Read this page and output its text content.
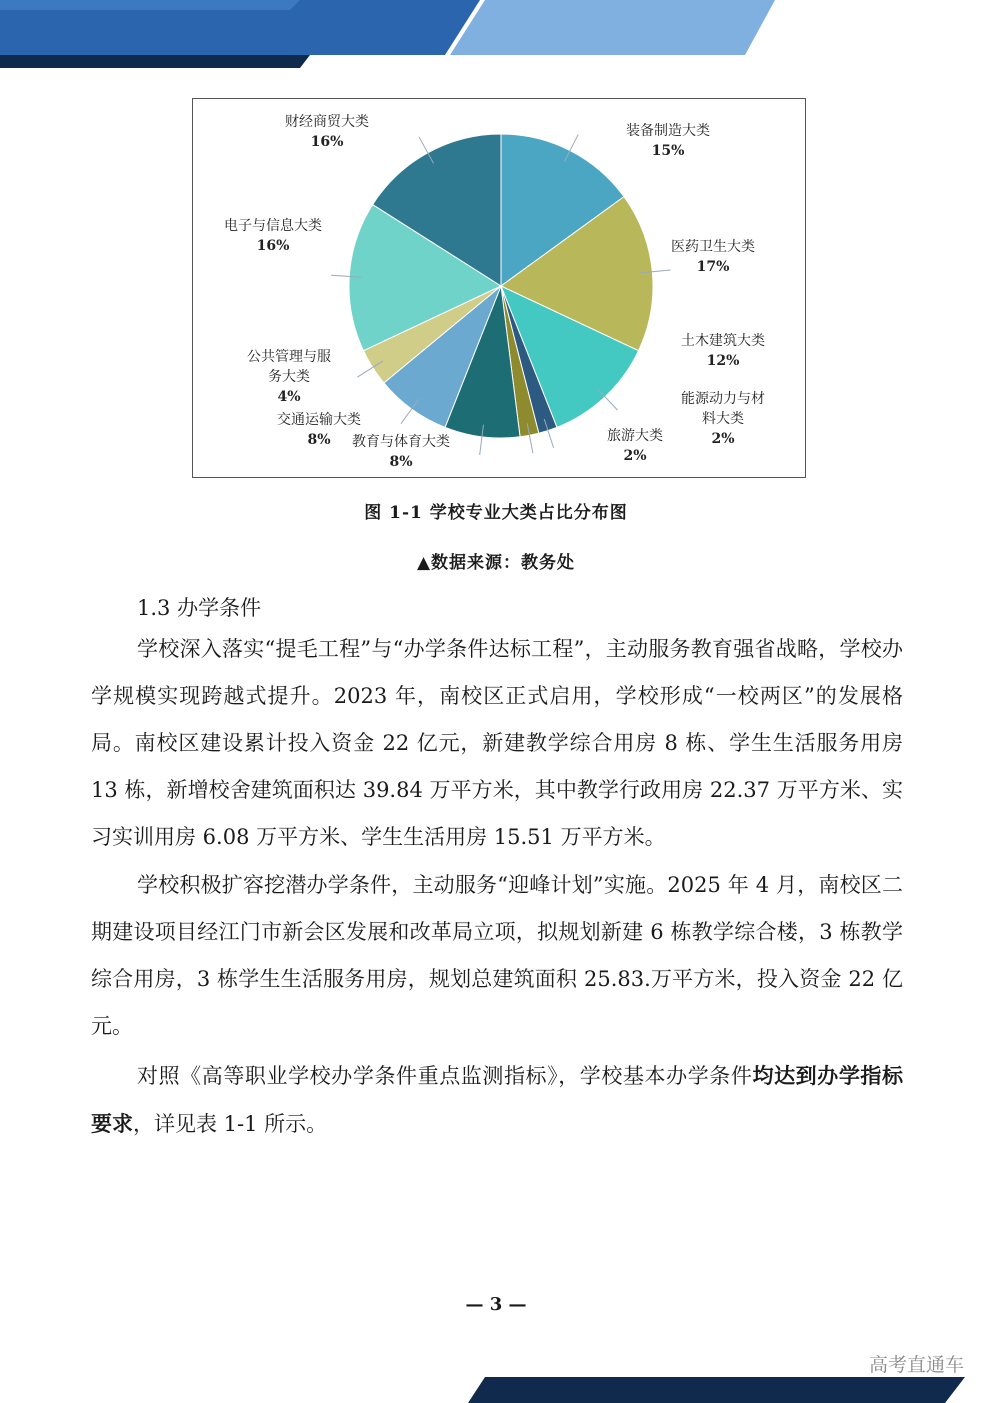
装备制造大类
15%
医药卫生大类
17%
土木建筑大类
12%
能源动力与材
料大类
2%
旅游大类
2%
教育与体育大类
8%
交通运输大类
8%
公共管理与服
务大类
4%
电子与信息大类
16%
财经商贸大类
16%
图 1-1 学校专业大类占比分布图
▲数据来源：教务处
1.3 办学条件

学校深入落实“提毛工程”与“办学条件达标工程”，主动服务教育强省战略，学校办学规模实现跨越式提升。2023 年，南校区正式启用，学校形成“一校两区”的发展格局。南校区建设累计投入资金 22 亿元，新建教学综合用房 8 栋、学生生活服务用房 13 栋，新增校舍建筑面积达 39.84 万平方米，其中教学行政用房 22.37 万平方米、实习实训用房 6.08 万平方米、学生生活用房 15.51 万平方米。

学校积极扩容挖潜办学条件，主动服务“迎峰计划”实施。2025 年 4 月，南校区二期建设项目经江门市新会区发展和改革局立项，拟规划新建 6 栋教学综合楼，3 栋教学综合用房，3 栋学生生活服务用房，规划总建筑面积 25.83.万平方米，投入资金 22 亿元。

对照《高等职业学校办学条件重点监测指标》，学校基本办学条件均达到办学指标要求，详见表 1-1 所示。

— 3 —
高考直通车
